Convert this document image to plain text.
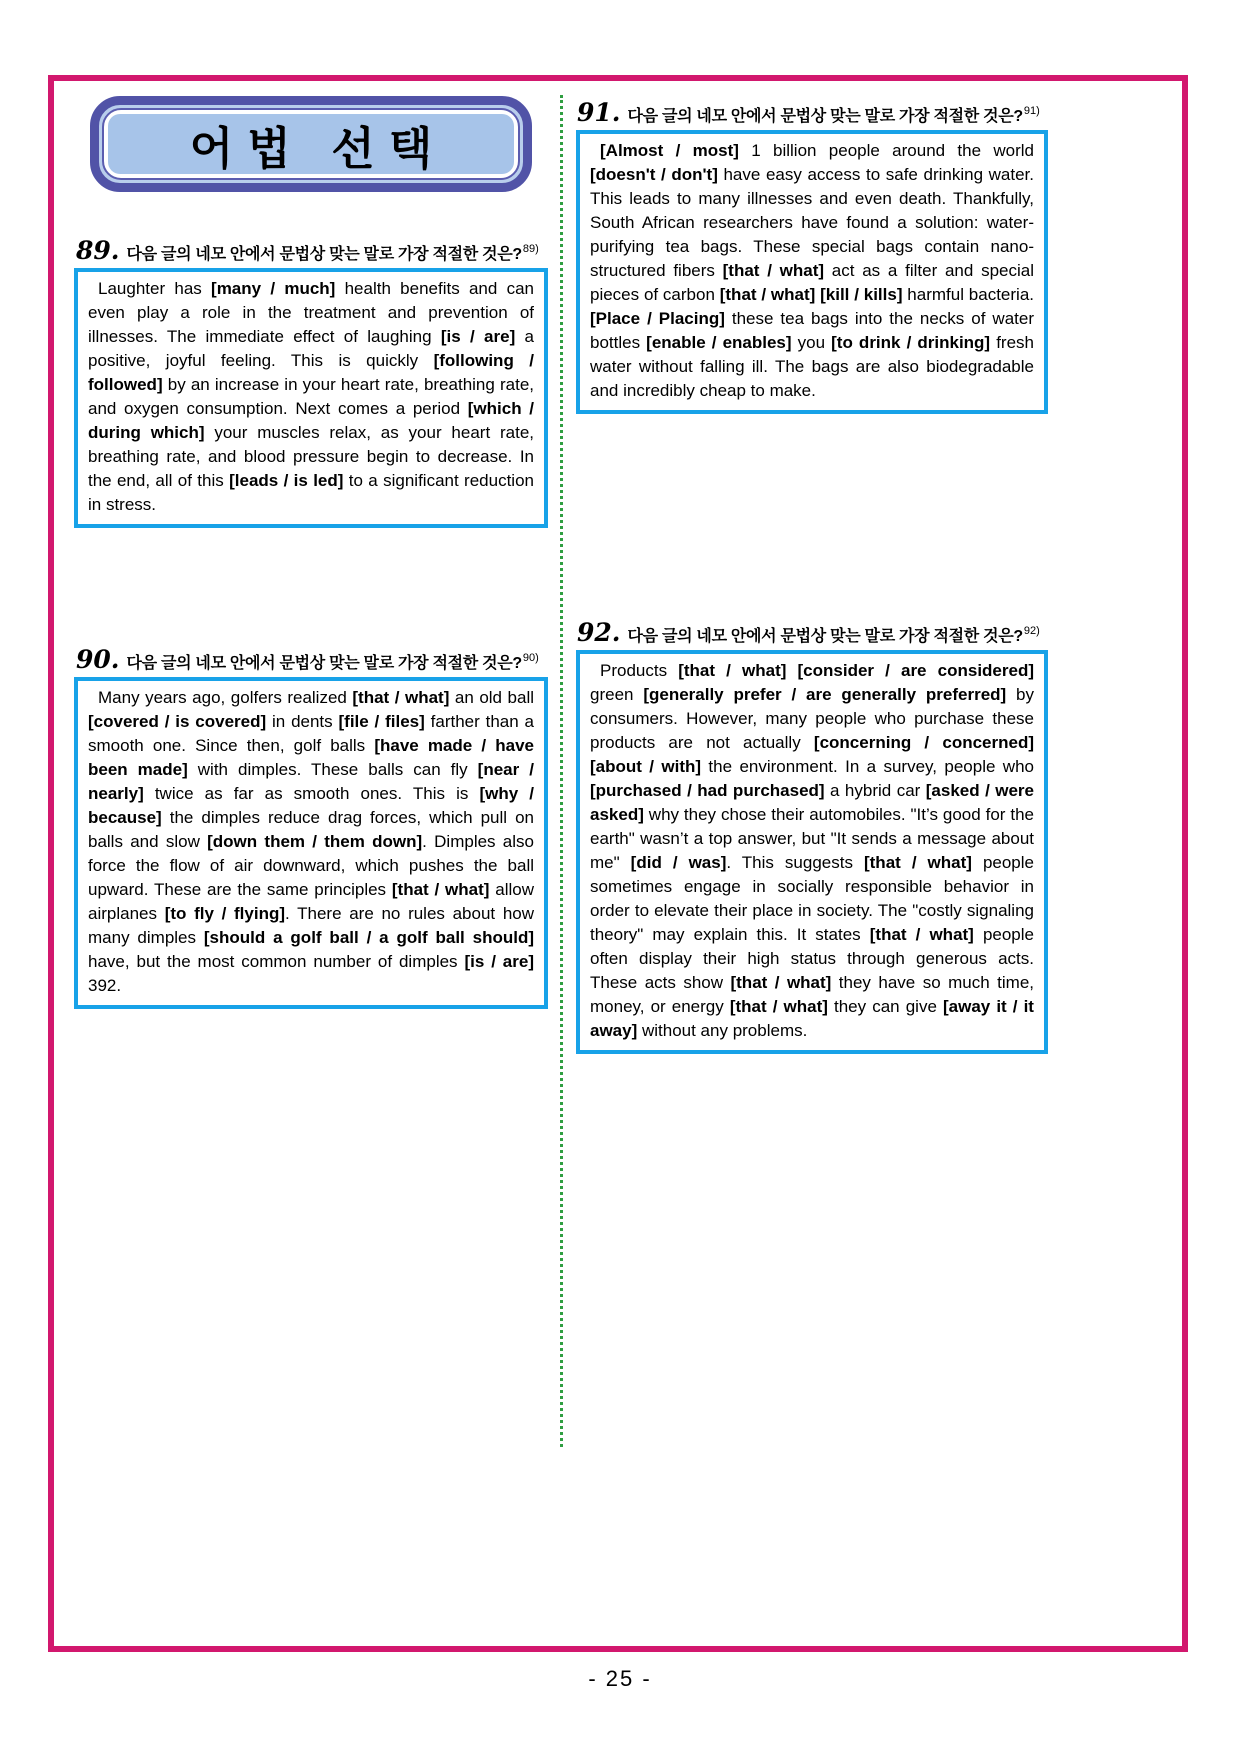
어법 선택
89. 다음 글의 네모 안에서 문법상 맞는 말로 가장 적절한 것은? 89)
Laughter has [many / much] health benefits and can even play a role in the treatment and prevention of illnesses. The immediate effect of laughing [is / are] a positive, joyful feeling. This is quickly [following / followed] by an increase in your heart rate, breathing rate, and oxygen consumption. Next comes a period [which / during which] your muscles relax, as your heart rate, breathing rate, and blood pressure begin to decrease. In the end, all of this [leads / is led] to a significant reduction in stress.
90. 다음 글의 네모 안에서 문법상 맞는 말로 가장 적절한 것은? 90)
Many years ago, golfers realized [that / what] an old ball [covered / is covered] in dents [file / files] farther than a smooth one. Since then, golf balls [have made / have been made] with dimples. These balls can fly [near / nearly] twice as far as smooth ones. This is [why / because] the dimples reduce drag forces, which pull on balls and slow [down them / them down]. Dimples also force the flow of air downward, which pushes the ball upward. These are the same principles [that / what] allow airplanes [to fly / flying]. There are no rules about how many dimples [should a golf ball / a golf ball should] have, but the most common number of dimples [is / are] 392.
91. 다음 글의 네모 안에서 문법상 맞는 말로 가장 적절한 것은? 91)
[Almost / most] 1 billion people around the world [doesn't / don't] have easy access to safe drinking water. This leads to many illnesses and even death. Thankfully, South African researchers have found a solution: water-purifying tea bags. These special bags contain nano-structured fibers [that / what] act as a filter and special pieces of carbon [that / what] [kill / kills] harmful bacteria. [Place / Placing] these tea bags into the necks of water bottles [enable / enables] you [to drink / drinking] fresh water without falling ill. The bags are also biodegradable and incredibly cheap to make.
92. 다음 글의 네모 안에서 문법상 맞는 말로 가장 적절한 것은? 92)
Products [that / what] [consider / are considered] green [generally prefer / are generally preferred] by consumers. However, many people who purchase these products are not actually [concerning / concerned] [about / with] the environment. In a survey, people who [purchased / had purchased] a hybrid car [asked / were asked] why they chose their automobiles. "It’s good for the earth" wasn’t a top answer, but "It sends a message about me" [did / was]. This suggests [that / what] people sometimes engage in socially responsible behavior in order to elevate their place in society. The "costly signaling theory" may explain this. It states [that / what] people often display their high status through generous acts. These acts show [that / what] they have so much time, money, or energy [that / what] they can give [away it / it away] without any problems.
- 25 -
